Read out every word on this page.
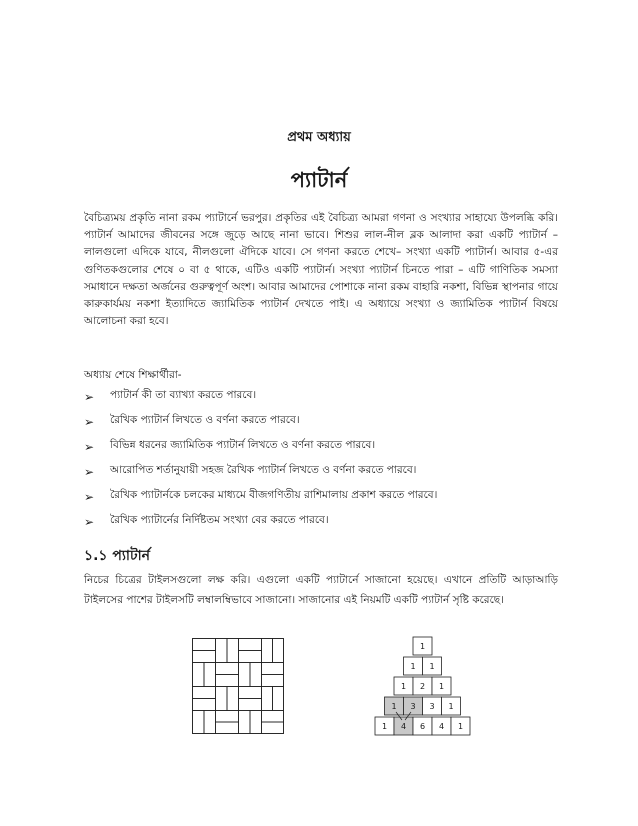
প্রথম অধ্যায়
প্যাটার্ন

বৈচিত্র্যময় প্রকৃতি নানা রকম প্যাটার্নে ভরপুর। প্রকৃতির এই বৈচিত্র্য আমরা গণনা ও সংখ্যার সাহায্যে উপলব্ধি করি। প্যাটার্ন আমাদের জীবনের সঙ্গে জুড়ে আছে নানা ভাবে। শিশুর লাল-নীল ব্লক আলাদা করা একটি প্যাটার্ন – লালগুলো এদিকে যাবে, নীলগুলো ঐদিকে যাবে। সে গণনা করতে শেখে– সংখ্যা একটি প্যাটার্ন। আবার ৫-এর গুণিতকগুলোর শেষে ০ বা ৫ থাকে, এটিও একটি প্যাটার্ন। সংখ্যা প্যাটার্ন চিনতে পারা – এটি গাণিতিক সমস্যা সমাধানে দক্ষতা অর্জনের গুরুত্বপূর্ণ অংশ। আবার আমাদের পোশাকে নানা রকম বাহারি নকশা, বিভিন্ন স্থাপনার গায়ে কারুকার্যময় নকশা ইত্যাদিতে জ্যামিতিক প্যাটার্ন দেখতে পাই। এ অধ্যায়ে সংখ্যা ও জ্যামিতিক প্যাটার্ন বিষয়ে আলোচনা করা হবে।

অধ্যায় শেষে শিক্ষার্থীরা-

➢	প্যাটার্ন কী তা ব্যাখ্যা করতে পারবে।
➢	রৈখিক প্যাটার্ন লিখতে ও বর্ণনা করতে পারবে।
➢	বিভিন্ন ধরনের জ্যামিতিক প্যাটার্ন লিখতে ও বর্ণনা করতে পারবে।
➢	আরোপিত শর্তানুযায়ী সহজ রৈখিক প্যাটার্ন লিখতে ও বর্ণনা করতে পারবে।
➢	রৈখিক প্যাটার্নকে চলকের মাধ্যমে বীজগণিতীয় রাশিমালায় প্রকাশ করতে পারবে।
➢	রৈখিক প্যাটার্নের নির্দিষ্টতম সংখ্যা বের করতে পারবে।
১.১ প্যাটার্ন

নিচের চিত্রের টাইলসগুলো লক্ষ করি। এগুলো একটি প্যাটার্নে সাজানো হয়েছে। এখানে প্রতিটি আড়াআড়ি টাইলসের পাশের টাইলসটি লম্বালম্বিভাবে সাজানো। সাজানোর এই নিয়মটি একটি প্যাটার্ন সৃষ্টি করেছে।

1
1 1
1 2 1
1 3 3 1
1 4 6 4 1
